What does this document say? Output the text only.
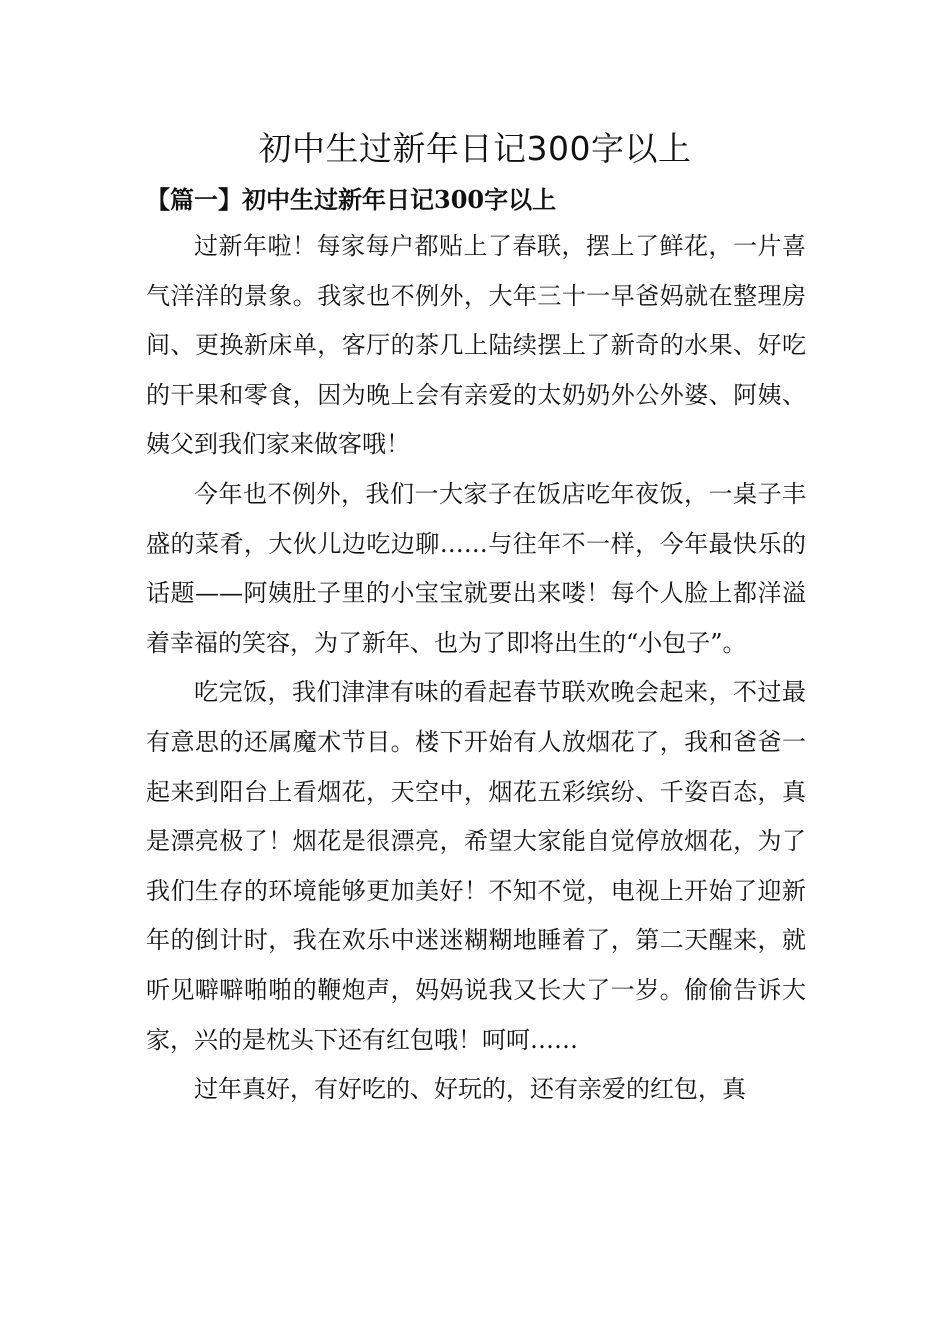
初中生过新年日记300字以上
【篇一】初中生过新年日记300字以上

过新年啦！每家每户都贴上了春联，摆上了鲜花，一片喜气洋洋的景象。我家也不例外，大年三十一早爸妈就在整理房间、更换新床单，客厅的茶几上陆续摆上了新奇的水果、好吃的干果和零食，因为晚上会有亲爱的太奶奶外公外婆、阿姨、姨父到我们家来做客哦！

今年也不例外，我们一大家子在饭店吃年夜饭，一桌子丰盛的菜肴，大伙儿边吃边聊……与往年不一样，今年最快乐的话题——阿姨肚子里的小宝宝就要出来喽！每个人脸上都洋溢着幸福的笑容，为了新年、也为了即将出生的“小包子”。

吃完饭，我们津津有味的看起春节联欢晚会起来，不过最有意思的还属魔术节目。楼下开始有人放烟花了，我和爸爸一起来到阳台上看烟花，天空中，烟花五彩缤纷、千姿百态，真是漂亮极了！烟花是很漂亮，希望大家能自觉停放烟花，为了我们生存的环境能够更加美好！不知不觉，电视上开始了迎新年的倒计时，我在欢乐中迷迷糊糊地睡着了，第二天醒来，就听见噼噼啪啪的鞭炮声，妈妈说我又长大了一岁。偷偷告诉大家，兴的是枕头下还有红包哦！呵呵……

过年真好，有好吃的、好玩的，还有亲爱的红包，真
